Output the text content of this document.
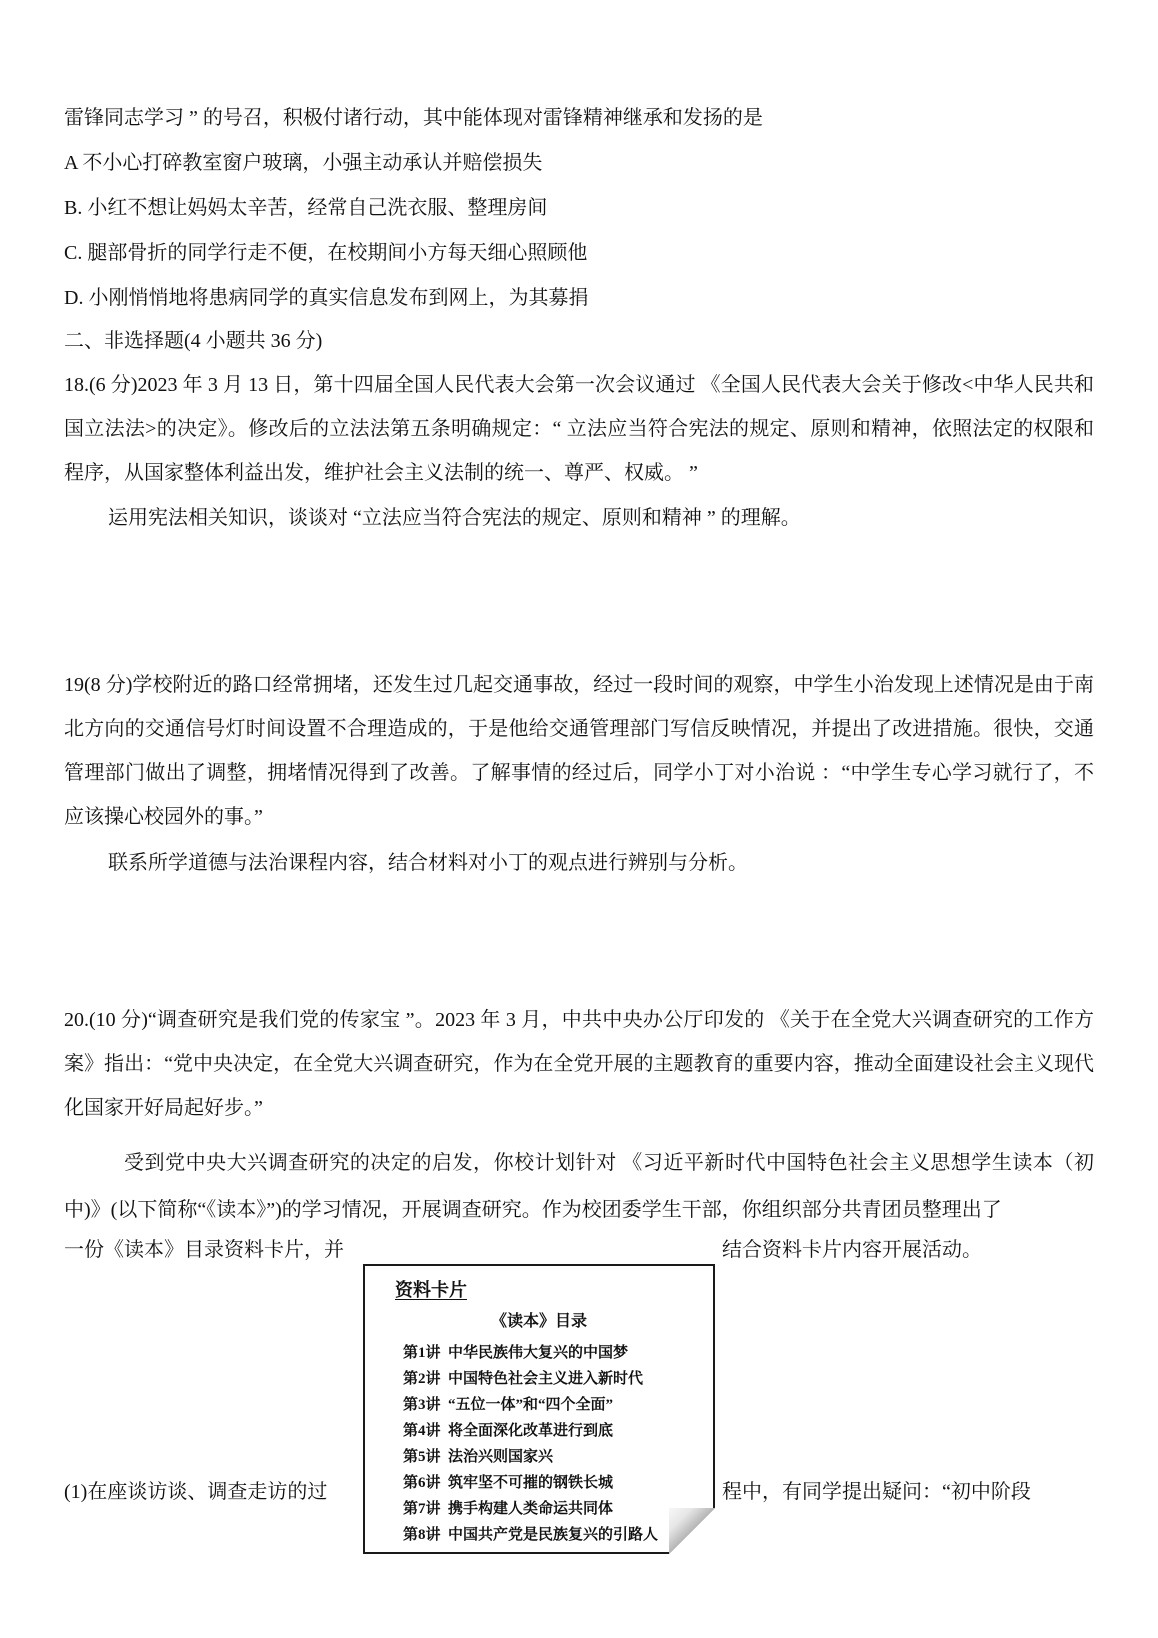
雷锋同志学习 ” 的号召，积极付诸行动，其中能体现对雷锋精神继承和发扬的是
A 不小心打碎教室窗户玻璃，小强主动承认并赔偿损失
B. 小红不想让妈妈太辛苦，经常自己洗衣服、整理房间
C. 腿部骨折的同学行走不便，在校期间小方每天细心照顾他
D. 小刚悄悄地将患病同学的真实信息发布到网上，为其募捐
二、非选择题(4 小题共 36 分)
18.(6 分)2023 年 3 月 13 日，第十四届全国人民代表大会第一次会议通过 《全国人民代表大会关于修改<中华人民共和国立法法>的决定》。修改后的立法法第五条明确规定：“ 立法应当符合宪法的规定、原则和精神，依照法定的权限和程序，从国家整体利益出发，维护社会主义法制的统一、尊严、权威。 ”
运用宪法相关知识，谈谈对 “立法应当符合宪法的规定、原则和精神 ” 的理解。
19(8 分)学校附近的路口经常拥堵，还发生过几起交通事故，经过一段时间的观察，中学生小治发现上述情况是由于南北方向的交通信号灯时间设置不合理造成的，于是他给交通管理部门写信反映情况，并提出了改进措施。很快，交通管理部门做出了调整，拥堵情况得到了改善。了解事情的经过后，同学小丁对小治说 ：“中学生专心学习就行了，不应该操心校园外的事。”
联系所学道德与法治课程内容，结合材料对小丁的观点进行辨别与分析。
20.(10 分)“调查研究是我们党的传家宝 ”。2023 年 3 月，中共中央办公厅印发的 《关于在全党大兴调查研究的工作方案》指出：“党中央决定，在全党大兴调查研究，作为在全党开展的主题教育的重要内容，推动全面建设社会主义现代化国家开好局起好步。”
受到党中央大兴调查研究的决定的启发，你校计划针对 《习近平新时代中国特色社会主义思想学生读本（初中)》(以下简称“《读本》”)的学习情况，开展调查研究。作为校团委学生干部，你组织部分共青团员整理出了
一份《读本》目录资料卡片，并	结合资料卡片内容开展活动。
(1)在座谈访谈、调查走访的过	程中，有同学提出疑问：“初中阶段
资料卡片
《读本》目录
第1讲  中华民族伟大复兴的中国梦
第2讲  中国特色社会主义进入新时代
第3讲  “五位一体”和“四个全面”
第4讲  将全面深化改革进行到底
第5讲  法治兴则国家兴
第6讲  筑牢坚不可摧的钢铁长城
第7讲  携手构建人类命运共同体
第8讲  中国共产党是民族复兴的引路人
